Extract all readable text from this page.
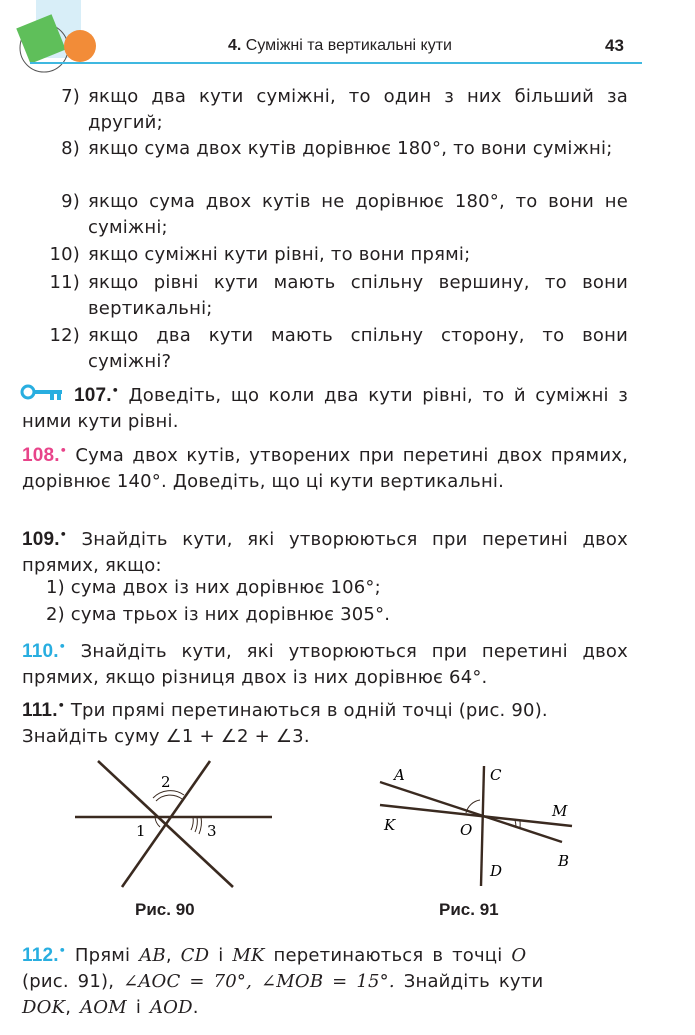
4. Суміжні та вертикальні кути	43
7) якщо два кути суміжні, то один з них більший за другий;
8) якщо сума двох кутів дорівнює 180°, то вони суміжні;
9) якщо сума двох кутів не дорівнює 180°, то вони не суміжні;
10) якщо суміжні кути рівні, то вони прямі;
11) якщо рівні кути мають спільну вершину, то вони вертикальні;
12) якщо два кути мають спільну сторону, то вони суміжні?
107.• Доведіть, що коли два кути рівні, то й суміжні з ними кути рівні.
108.• Сума двох кутів, утворених при перетині двох прямих, дорівнює 140°. Доведіть, що ці кути вертикальні.
109.• Знайдіть кути, які утворюються при перетині двох прямих, якщо:
1) сума двох із них дорівнює 106°;
2) сума трьох із них дорівнює 305°.
110.• Знайдіть кути, які утворюються при перетині двох прямих, якщо різниця двох із них дорівнює 64°.
111.• Три прямі перетинаються в одній точці (рис. 90).
Знайдіть суму ∠1 + ∠2 + ∠3.
2
1	3
Рис. 90
A	C
M
K	O
D
B
Рис. 91
112.• Прямі AB, CD і MK перетинаються в точці O
(рис. 91), ∠AOC = 70°, ∠MOB = 15°. Знайдіть кути
DOK, AOM і AOD.
